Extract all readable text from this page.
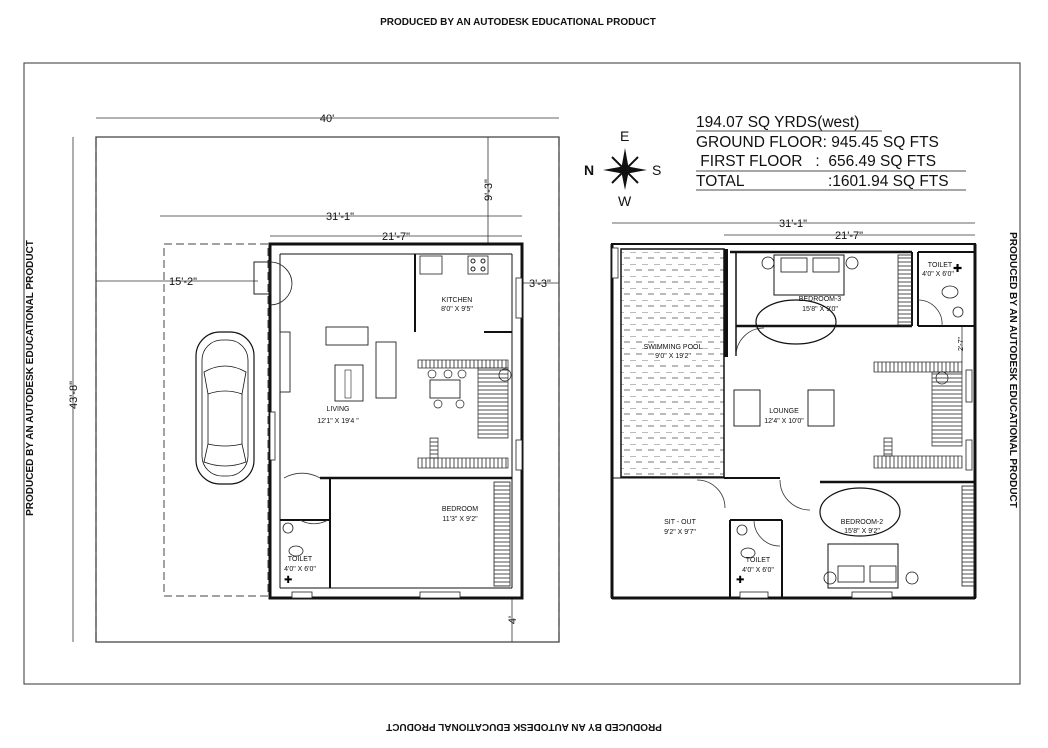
PRODUCED BY AN AUTODESK EDUCATIONAL PRODUCT
PRODUCED BY AN AUTODESK EDUCATIONAL PRODUCT
PRODUCED BY AN AUTODESK EDUCATIONAL PRODUCT	PRODUCED BY AN AUTODESK EDUCATIONAL PRODUCT
40'
43'-8"
9'-3"
31'-1"
21'-7"
15'-2"	3'-3"
4'
✚
KITCHEN
8'0" X 9'5"
LIVING
12'1" X 19'4 "
BEDROOM
11'3" X 9'2"
TOILET
4'0" X 6'0"
E
N	S
W
194.07 SQ YRDS(west)
GROUND FLOOR: 945.45 SQ FTS
FIRST FLOOR   :  656.49 SQ FTS
TOTAL	:1601.94 SQ FTS
31'-1"
21'-7"
2'-7"
✚
✚
SWIMMING POOL
9'0" X 19'2"
BEDROOM-3
15'8" X 9'0"
TOILET
4'0" X 6'0"
LOUNGE
12'4" X 10'0"
SIT - OUT
9'2" X 9'7"
BEDROOM-2
15'8" X 9'2"
TOILET
4'0" X 6'0"
